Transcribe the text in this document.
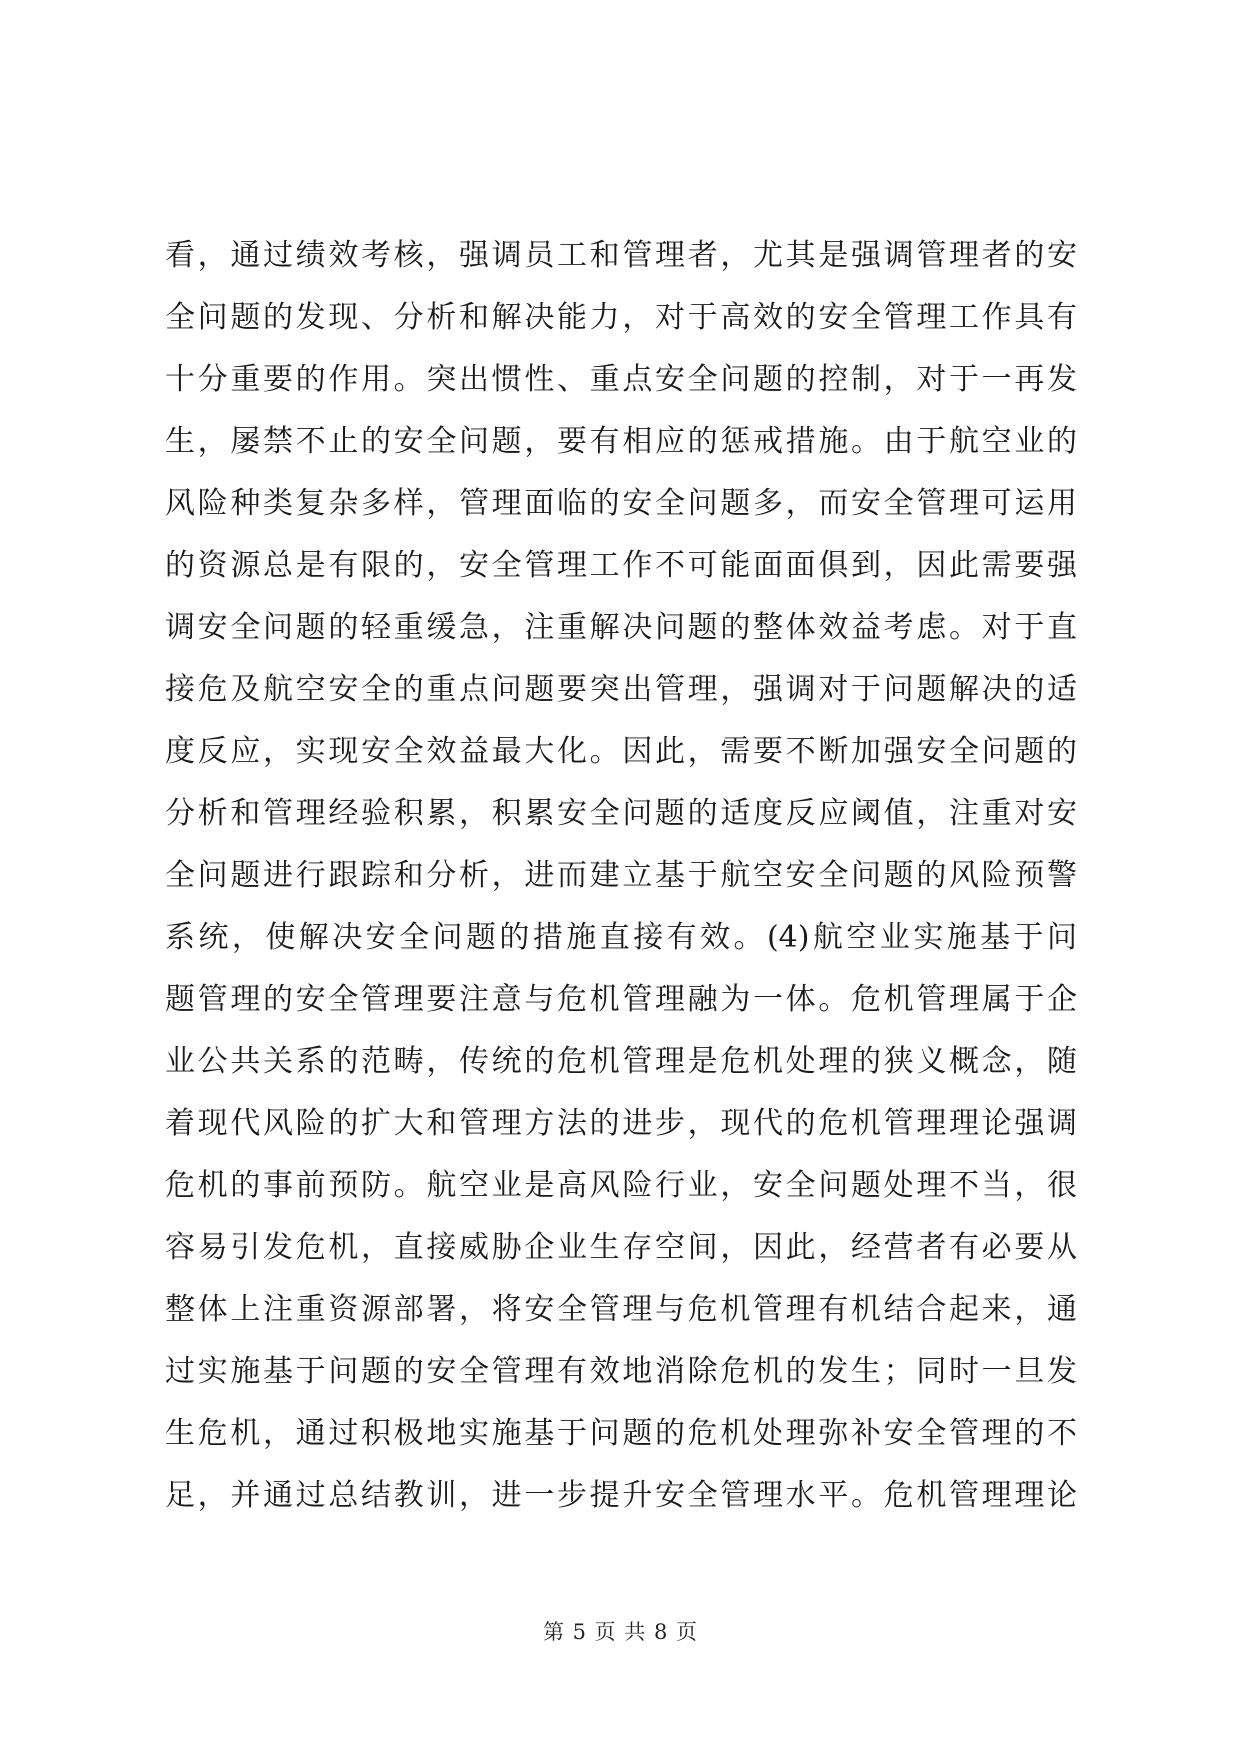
看，通过绩效考核，强调员工和管理者，尤其是强调管理者的安
全问题的发现、分析和解决能力，对于高效的安全管理工作具有
十分重要的作用。突出惯性、重点安全问题的控制，对于一再发
生，屡禁不止的安全问题，要有相应的惩戒措施。由于航空业的
风险种类复杂多样，管理面临的安全问题多，而安全管理可运用
的资源总是有限的，安全管理工作不可能面面俱到，因此需要强
调安全问题的轻重缓急，注重解决问题的整体效益考虑。对于直
接危及航空安全的重点问题要突出管理，强调对于问题解决的适
度反应，实现安全效益最大化。因此，需要不断加强安全问题的
分析和管理经验积累，积累安全问题的适度反应阈值，注重对安
全问题进行跟踪和分析，进而建立基于航空安全问题的风险预警
系统，使解决安全问题的措施直接有效。(4)航空业实施基于问
题管理的安全管理要注意与危机管理融为一体。危机管理属于企
业公共关系的范畴，传统的危机管理是危机处理的狭义概念，随
着现代风险的扩大和管理方法的进步，现代的危机管理理论强调
危机的事前预防。航空业是高风险行业，安全问题处理不当，很
容易引发危机，直接威胁企业生存空间，因此，经营者有必要从
整体上注重资源部署，将安全管理与危机管理有机结合起来，通
过实施基于问题的安全管理有效地消除危机的发生；同时一旦发
生危机，通过积极地实施基于问题的危机处理弥补安全管理的不
足，并通过总结教训，进一步提升安全管理水平。危机管理理论
第 5 页 共 8 页
